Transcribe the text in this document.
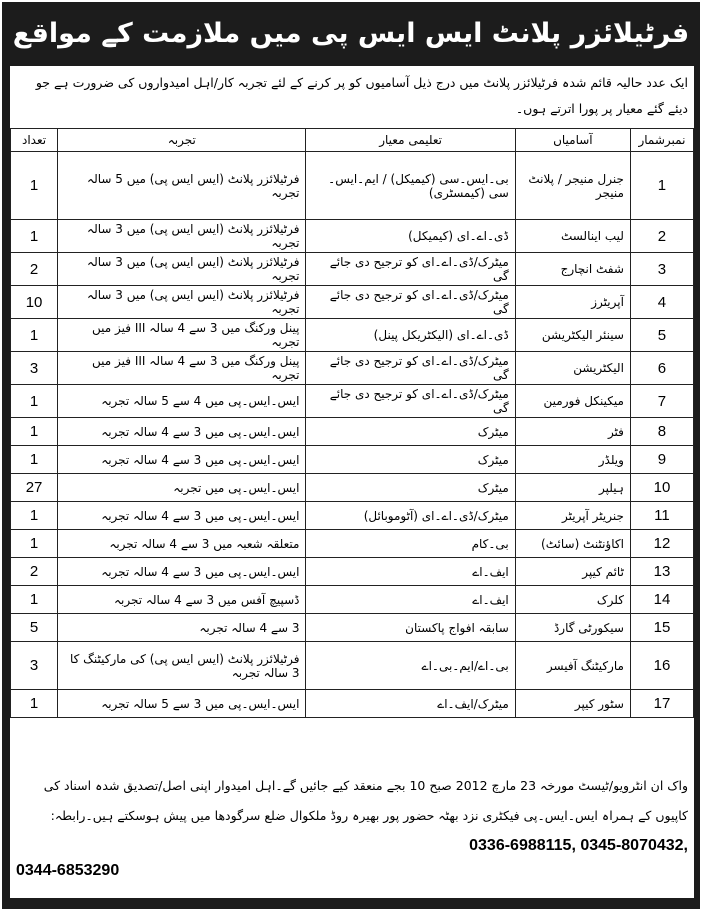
فرٹیلائزر پلانٹ ایس ایس پی میں ملازمت کے مواقع
ایک عدد حالیہ قائم شدہ فرٹیلائزر پلانٹ میں درج ذیل آسامیوں کو پر کرنے کے لئے تجربہ کار/اہل امیدواروں کی ضرورت ہے جو دیئے گئے معیار پر پورا اترتے ہوں۔
نمبرشمار	آسامیاں	تعلیمی معیار	تجربہ	تعداد
1	جنرل منیجر / پلانٹ منیجر	بی۔ایس۔سی (کیمیکل) / ایم۔ایس۔سی (کیمسٹری)	فرٹیلائزر پلانٹ (ایس ایس پی) میں 5 سالہ تجربہ	1
2	لیب اینالسٹ	ڈی۔اے۔ای (کیمیکل)	فرٹیلائزر پلانٹ (ایس ایس پی) میں 3 سالہ تجربہ	1
3	شفٹ انچارج	میٹرک/ڈی۔اے۔ای کو ترجیح دی جائے گی	فرٹیلائزر پلانٹ (ایس ایس پی) میں 3 سالہ تجربہ	2
4	آپریٹرز	میٹرک/ڈی۔اے۔ای کو ترجیح دی جائے گی	فرٹیلائزر پلانٹ (ایس ایس پی) میں 3 سالہ تجربہ	10
5	سینئر الیکٹریشن	ڈی۔اے۔ای (الیکٹریکل پینل)	پینل ورکنگ میں 3 سے 4 سالہ III فیز میں تجربہ	1
6	الیکٹریشن	میٹرک/ڈی۔اے۔ای کو ترجیح دی جائے گی	پینل ورکنگ میں 3 سے 4 سالہ III فیز میں تجربہ	3
7	میکینکل فورمین	میٹرک/ڈی۔اے۔ای کو ترجیح دی جائے گی	ایس۔ایس۔پی میں 4 سے 5 سالہ تجربہ	1
8	فٹر	میٹرک	ایس۔ایس۔پی میں 3 سے 4 سالہ تجربہ	1
9	ویلڈر	میٹرک	ایس۔ایس۔پی میں 3 سے 4 سالہ تجربہ	1
10	ہیلپر	میٹرک	ایس۔ایس۔پی میں تجربہ	27
11	جنریٹر آپریٹر	میٹرک/ڈی۔اے۔ای (آٹوموبائل)	ایس۔ایس۔پی میں 3 سے 4 سالہ تجربہ	1
12	اکاؤنٹنٹ (سائٹ)	بی۔کام	متعلقہ شعبہ میں 3 سے 4 سالہ تجربہ	1
13	ٹائم کیپر	ایف۔اے	ایس۔ایس۔پی میں 3 سے 4 سالہ تجربہ	2
14	کلرک	ایف۔اے	ڈسپیچ آفس میں 3 سے 4 سالہ تجربہ	1
15	سیکورٹی گارڈ	سابقہ افواج پاکستان	3 سے 4 سالہ تجربہ	5
16	مارکیٹنگ آفیسر	بی۔اے/ایم۔بی۔اے	فرٹیلائزر پلانٹ (ایس ایس پی) کی مارکیٹنگ کا 3 سالہ تجربہ	3
17	سٹور کیپر	میٹرک/ایف۔اے	ایس۔ایس۔پی میں 3 سے 5 سالہ تجربہ	1
واک ان انٹرویو/ٹیسٹ مورخہ 23 مارچ 2012 صبح 10 بجے منعقد کیے جائیں گے۔اہل امیدوار اپنی اصل/تصدیق شدہ اسناد کی کاپیوں کے ہمراہ ایس۔ایس۔پی فیکٹری نزد بھٹہ حضور پور بھیرہ روڈ ملکوال ضلع سرگودھا میں پیش ہوسکتے ہیں۔رابطہ: 0336-6988115, 0345-8070432,
0344-6853290
